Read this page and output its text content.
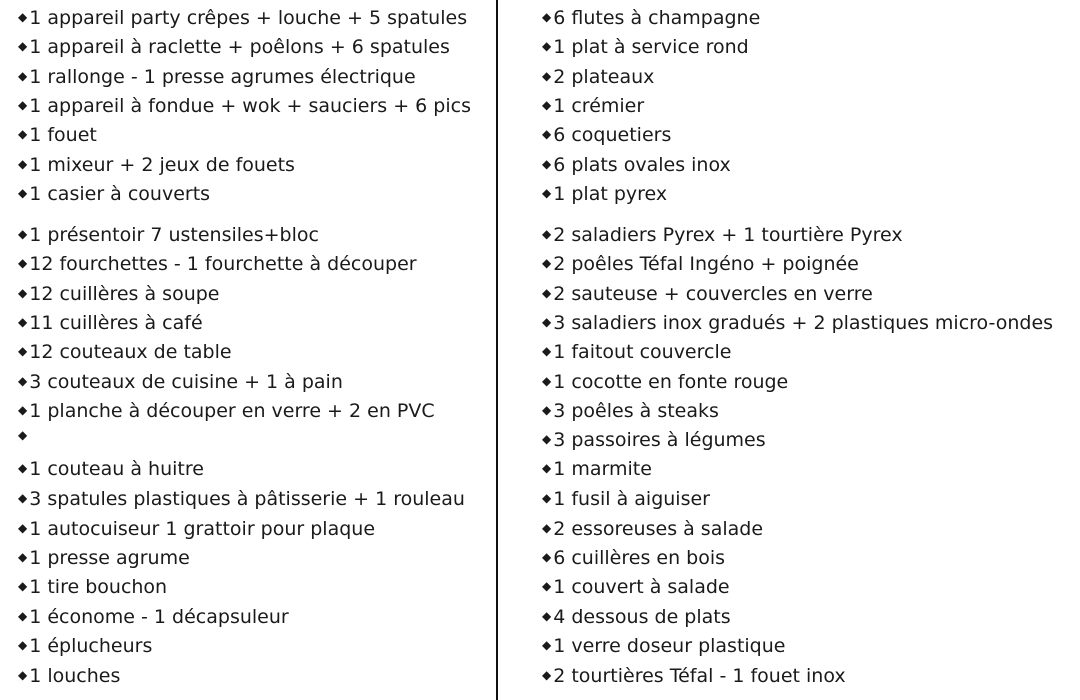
◆ 1 appareil party crêpes + louche + 5 spatules
◆ 1 appareil à raclette + poêlons + 6 spatules
◆ 1 rallonge - 1 presse agrumes électrique
◆ 1 appareil à fondue + wok + sauciers + 6 pics
◆ 1 fouet
◆ 1 mixeur + 2 jeux de fouets
◆ 1 casier à couverts
◆ 1 présentoir 7 ustensiles+bloc
◆ 12 fourchettes - 1 fourchette à découper
◆ 12 cuillères à soupe
◆ 11 cuillères à café
◆ 12 couteaux de table
◆ 3 couteaux de cuisine + 1 à pain
◆ 1 planche à découper en verre + 2 en PVC
◆
◆ 1 couteau à huitre
◆ 3 spatules plastiques à pâtisserie + 1 rouleau
◆ 1 autocuiseur 1 grattoir pour plaque
◆ 1 presse agrume
◆ 1 tire bouchon
◆ 1 économe - 1 décapsuleur
◆ 1 éplucheurs
◆ 1 louches
◆ 6 flutes à champagne
◆ 1 plat à service rond
◆ 2 plateaux
◆ 1 crémier
◆ 6 coquetiers
◆ 6 plats ovales inox
◆ 1 plat pyrex
◆ 2 saladiers Pyrex + 1 tourtière Pyrex
◆ 2 poêles Téfal Ingéno + poignée
◆ 2 sauteuse + couvercles en verre
◆ 3 saladiers inox gradués + 2 plastiques micro-ondes
◆ 1 faitout couvercle
◆ 1 cocotte en fonte rouge
◆ 3 poêles à steaks
◆ 3 passoires à légumes
◆ 1 marmite
◆ 1 fusil à aiguiser
◆ 2 essoreuses à salade
◆ 6 cuillères en bois
◆ 1 couvert à salade
◆ 4 dessous de plats
◆ 1 verre doseur plastique
◆ 2 tourtières Téfal - 1 fouet inox
